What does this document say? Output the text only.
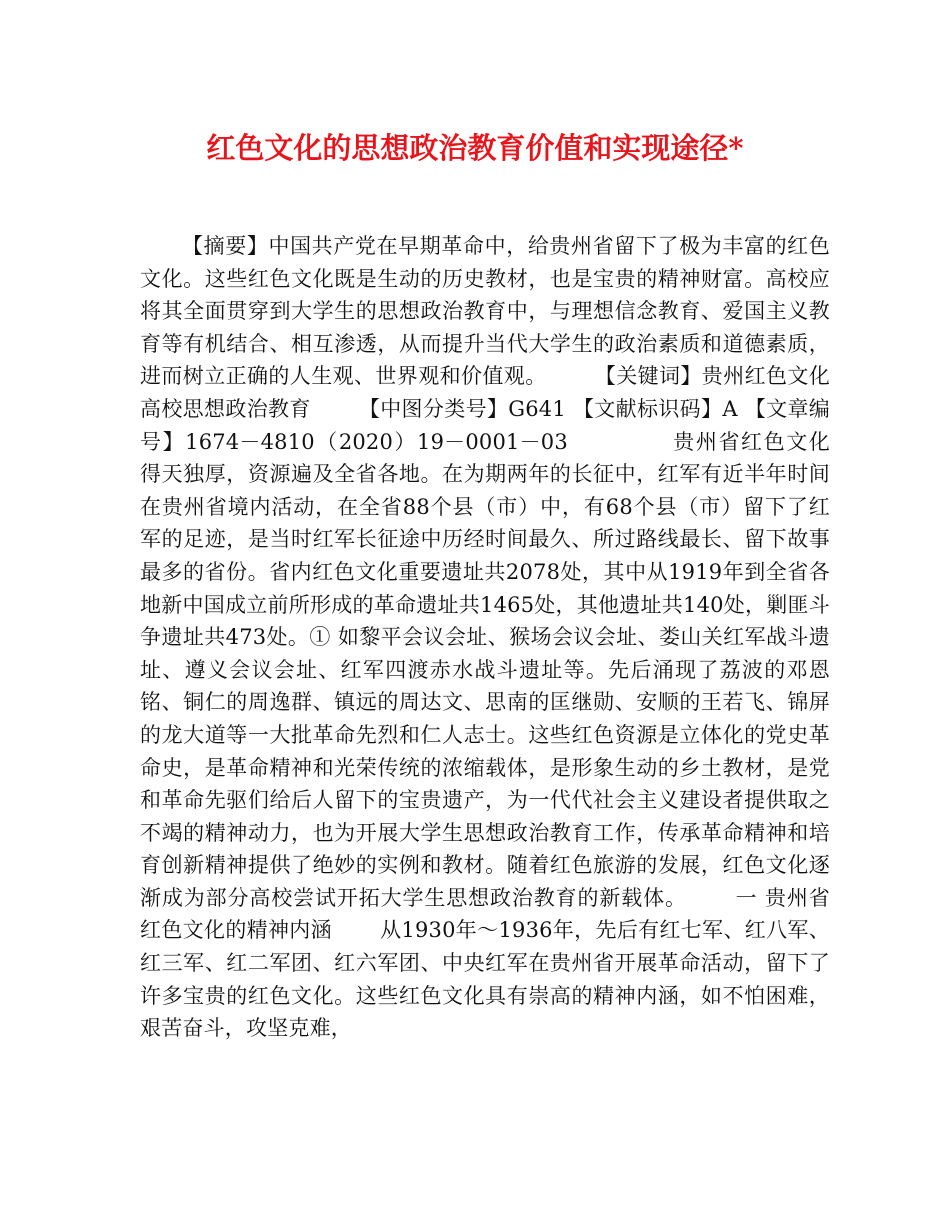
红色文化的思想政治教育价值和实现途径*

【摘要】中国共产党在早期革命中，给贵州省留下了极为丰富的红色文化。这些红色文化既是生动的历史教材，也是宝贵的精神财富。高校应将其全面贯穿到大学生的思想政治教育中，与理想信念教育、爱国主义教育等有机结合、相互渗透，从而提升当代大学生的政治素质和道德素质，进而树立正确的人生观、世界观和价值观。 【关键词】贵州红色文化高校思想政治教育 【中图分类号】G641 【文献标识码】A 【文章编号】1674－4810（2020）19－0001－03	贵州省红色文化得天独厚，资源遍及全省各地。在为期两年的长征中，红军有近半年时间在贵州省境内活动，在全省88个县（市）中，有68个县（市）留下了红军的足迹，是当时红军长征途中历经时间最久、所过路线最长、留下故事最多的省份。省内红色文化重要遗址共2078处，其中从1919年到全省各地新中国成立前所形成的革命遗址共1465处，其他遗址共140处，剿匪斗争遗址共473处。① 如黎平会议会址、猴场会议会址、娄山关红军战斗遗址、遵义会议会址、红军四渡赤水战斗遗址等。先后涌现了荔波的邓恩铭、铜仁的周逸群、镇远的周达文、思南的匡继勋、安顺的王若飞、锦屏的龙大道等一大批革命先烈和仁人志士。这些红色资源是立体化的党史革命史，是革命精神和光荣传统的浓缩载体，是形象生动的乡土教材，是党和革命先驱们给后人留下的宝贵遗产，为一代代社会主义建设者提供取之不竭的精神动力，也为开展大学生思想政治教育工作，传承革命精神和培育创新精神提供了绝妙的实例和教材。随着红色旅游的发展，红色文化逐渐成为部分高校尝试开拓大学生思想政治教育的新载体。 一 贵州省红色文化的精神内涵 从1930年～1936年，先后有红七军、红八军、红三军、红二军团、红六军团、中央红军在贵州省开展革命活动，留下了许多宝贵的红色文化。这些红色文化具有崇高的精神内涵，如不怕困难，艰苦奋斗，攻坚克难，
